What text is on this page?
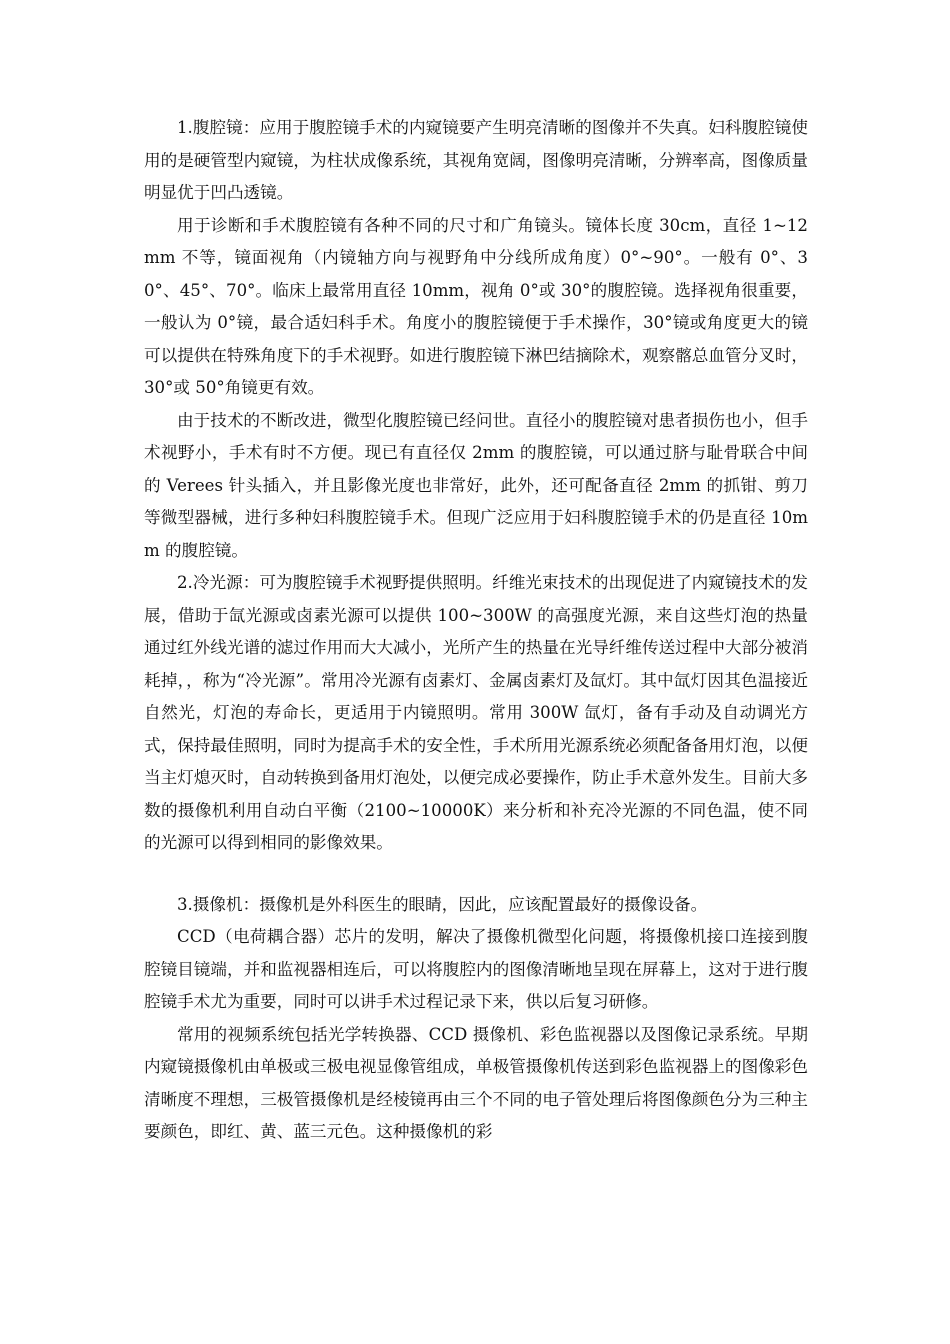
1.腹腔镜：应用于腹腔镜手术的内窥镜要产生明亮清晰的图像并不失真。妇科腹腔镜使用的是硬管型内窥镜，为柱状成像系统，其视角宽阔，图像明亮清晰，分辨率高，图像质量明显优于凹凸透镜。

用于诊断和手术腹腔镜有各种不同的尺寸和广角镜头。镜体长度 30cm，直径 1~12mm 不等，镜面视角（内镜轴方向与视野角中分线所成角度）0°~90°。一般有 0°、30°、45°、70°。临床上最常用直径 10mm，视角 0°或 30°的腹腔镜。选择视角很重要，一般认为 0°镜，最合适妇科手术。角度小的腹腔镜便于手术操作，30°镜或角度更大的镜可以提供在特殊角度下的手术视野。如进行腹腔镜下淋巴结摘除术，观察髂总血管分叉时，30°或 50°角镜更有效。

由于技术的不断改进，微型化腹腔镜已经问世。直径小的腹腔镜对患者损伤也小，但手术视野小，手术有时不方便。现已有直径仅 2mm 的腹腔镜，可以通过脐与耻骨联合中间的 Verees 针头插入，并且影像光度也非常好，此外，还可配备直径 2mm 的抓钳、剪刀等微型器械，进行多种妇科腹腔镜手术。但现广泛应用于妇科腹腔镜手术的仍是直径 10mm 的腹腔镜。

2.冷光源：可为腹腔镜手术视野提供照明。纤维光束技术的出现促进了内窥镜技术的发展，借助于氙光源或卤素光源可以提供 100~300W 的高强度光源，来自这些灯泡的热量通过红外线光谱的滤过作用而大大减小，光所产生的热量在光导纤维传送过程中大部分被消耗掉，，称为“冷光源”。常用冷光源有卤素灯、金属卤素灯及氙灯。其中氙灯因其色温接近自然光，灯泡的寿命长，更适用于内镜照明。常用 300W 氙灯，备有手动及自动调光方式，保持最佳照明，同时为提高手术的安全性，手术所用光源系统必须配备备用灯泡，以便当主灯熄灭时，自动转换到备用灯泡处，以便完成必要操作，防止手术意外发生。目前大多数的摄像机利用自动白平衡（2100~10000K）来分析和补充冷光源的不同色温，使不同的光源可以得到相同的影像效果。

3.摄像机：摄像机是外科医生的眼睛，因此，应该配置最好的摄像设备。

CCD（电荷耦合器）芯片的发明，解决了摄像机微型化问题，将摄像机接口连接到腹腔镜目镜端，并和监视器相连后，可以将腹腔内的图像清晰地呈现在屏幕上，这对于进行腹腔镜手术尤为重要，同时可以讲手术过程记录下来，供以后复习研修。

常用的视频系统包括光学转换器、CCD 摄像机、彩色监视器以及图像记录系统。早期内窥镜摄像机由单极或三极电视显像管组成，单极管摄像机传送到彩色监视器上的图像彩色清晰度不理想，三极管摄像机是经棱镜再由三个不同的电子管处理后将图像颜色分为三种主要颜色，即红、黄、蓝三元色。这种摄像机的彩
